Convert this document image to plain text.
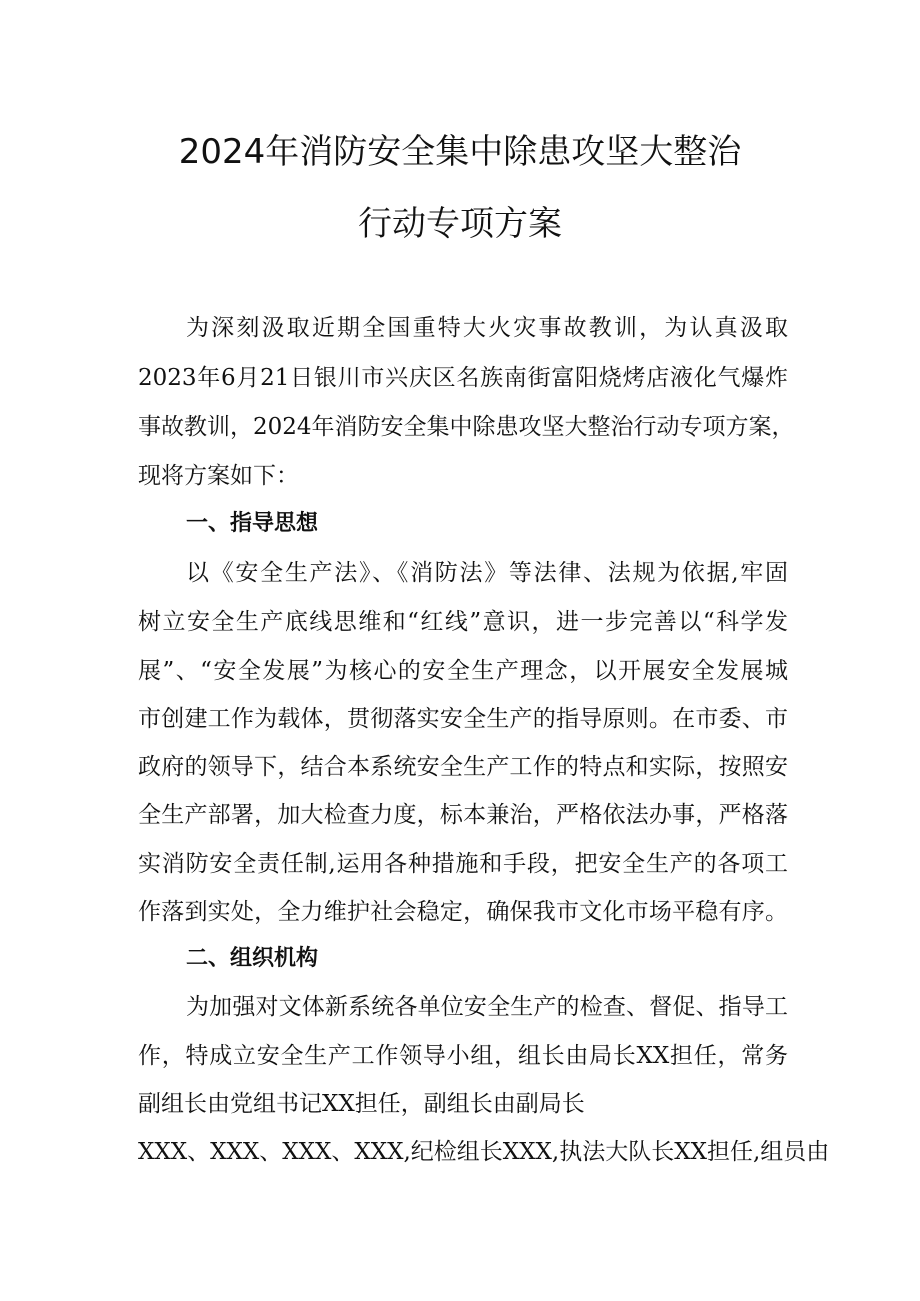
2024年消防安全集中除患攻坚大整治
行动专项方案
为深刻汲取近期全国重特大火灾事故教训，为认真汲取
2023年6月21日银川市兴庆区名族南街富阳烧烤店液化气爆炸
事故教训，2024年消防安全集中除患攻坚大整治行动专项方案，
现将方案如下：
一、指导思想
以《安全生产法》、《消防法》等法律、法规为依据,牢固
树立安全生产底线思维和“红线”意识，进一步完善以“科学发
展”、“安全发展”为核心的安全生产理念，以开展安全发展城
市创建工作为载体，贯彻落实安全生产的指导原则。在市委、市
政府的领导下，结合本系统安全生产工作的特点和实际，按照安
全生产部署，加大检查力度，标本兼治，严格依法办事，严格落
实消防安全责任制,运用各种措施和手段，把安全生产的各项工
作落到实处，全力维护社会稳定，确保我市文化市场平稳有序。
二、组织机构
为加强对文体新系统各单位安全生产的检查、督促、指导工
作，特成立安全生产工作领导小组，组长由局长XX担任，常务
副组长由党组书记XX担任，副组长由副局长
XXX、XXX、XXX、XXX,纪检组长XXX,执法大队长XX担任,组员由
